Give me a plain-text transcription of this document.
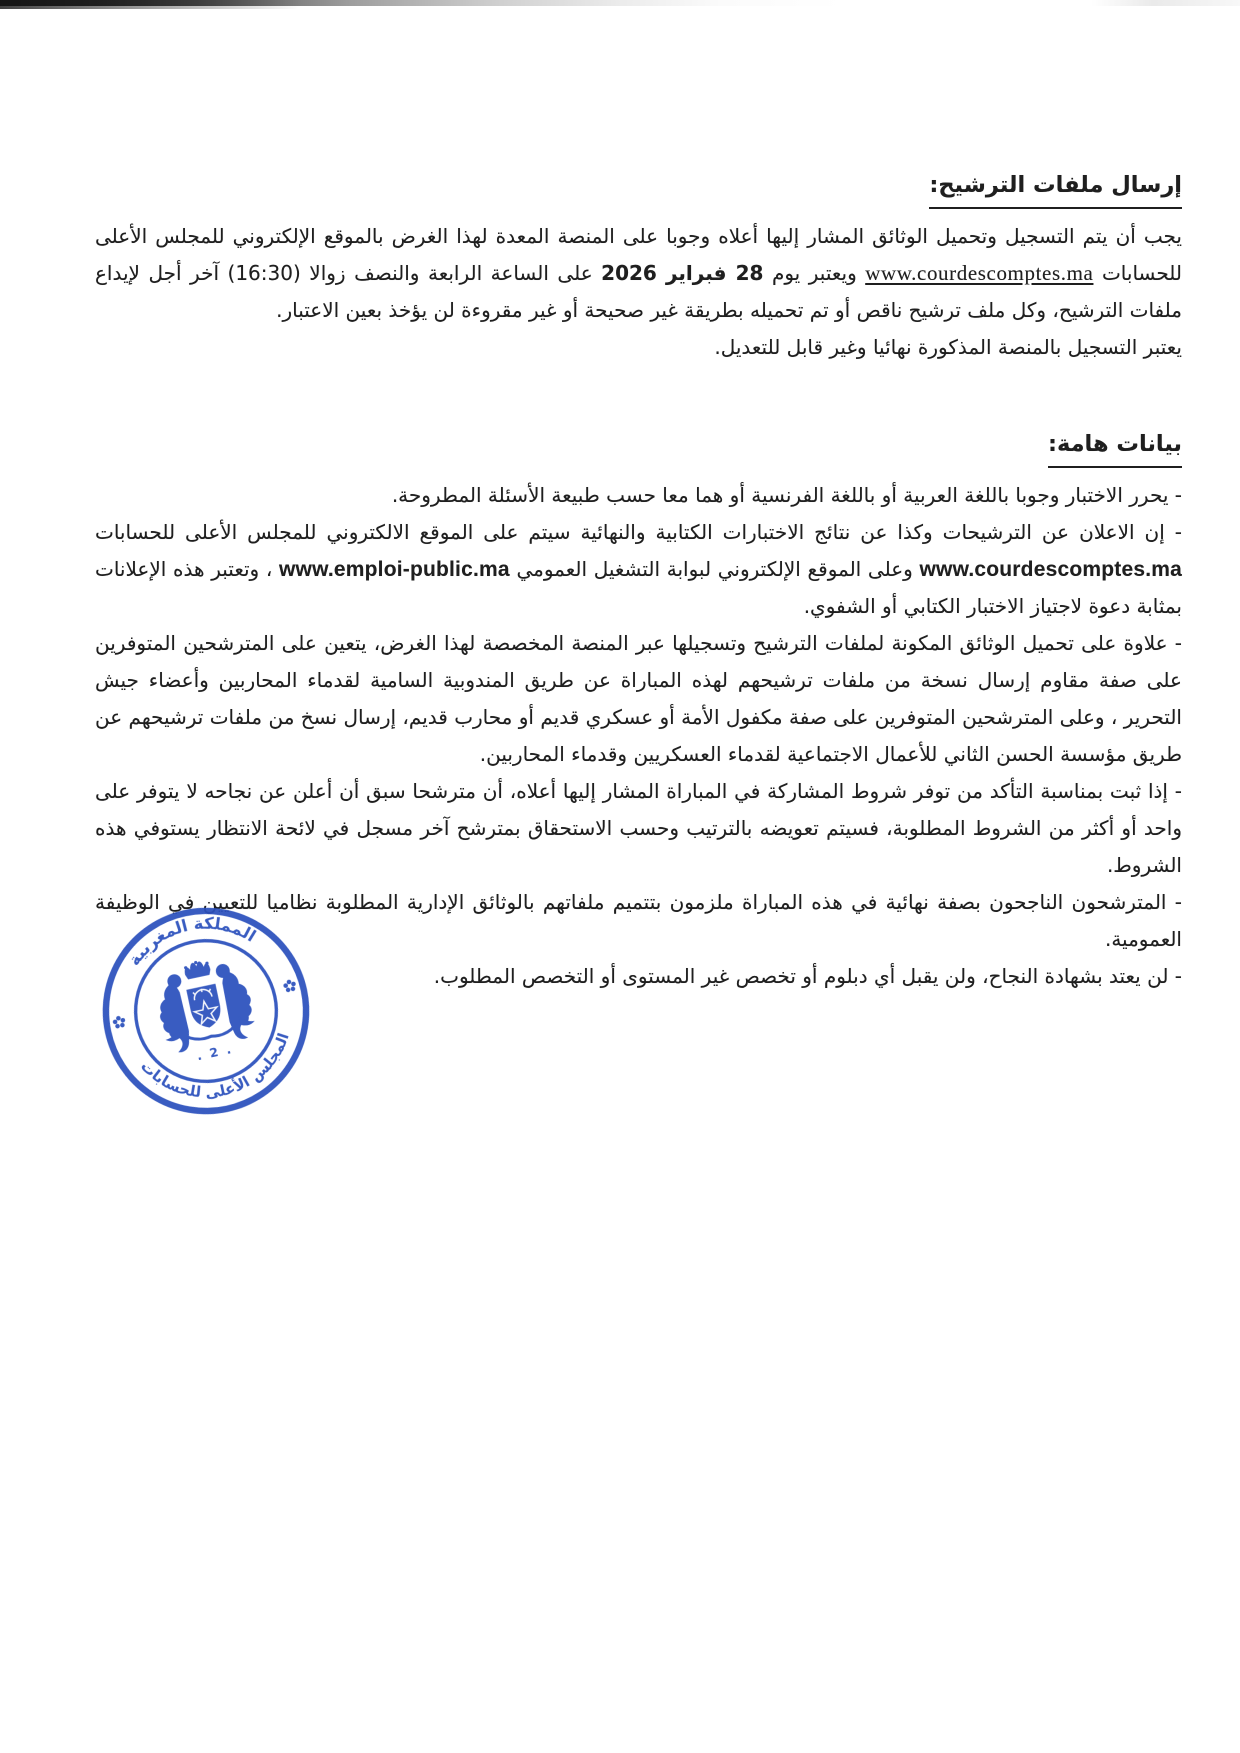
إرسال ملفات الترشيح:

يجب أن يتم التسجيل وتحميل الوثائق المشار إليها أعلاه وجوبا على المنصة المعدة لهذا الغرض بالموقع الإلكتروني للمجلس الأعلى للحسابات www.courdescomptes.ma ويعتبر يوم 28 فبراير 2026 على الساعة الرابعة والنصف زوالا (16:30) آخر أجل لإيداع ملفات الترشيح، وكل ملف ترشيح ناقص أو تم تحميله بطريقة غير صحيحة أو غير مقروءة لن يؤخذ بعين الاعتبار.

يعتبر التسجيل بالمنصة المذكورة نهائيا وغير قابل للتعديل.

بيانات هامة:

- يحرر الاختبار وجوبا باللغة العربية أو باللغة الفرنسية أو هما معا حسب طبيعة الأسئلة المطروحة.

- إن الاعلان عن الترشيحات وكذا عن نتائج الاختبارات الكتابية والنهائية سيتم على الموقع الالكتروني للمجلس الأعلى للحسابات www.courdescomptes.ma وعلى الموقع الإلكتروني لبوابة التشغيل العمومي www.emploi-public.ma ، وتعتبر هذه الإعلانات بمثابة دعوة لاجتياز الاختبار الكتابي أو الشفوي.

- علاوة على تحميل الوثائق المكونة لملفات الترشيح وتسجيلها عبر المنصة المخصصة لهذا الغرض، يتعين على المترشحين المتوفرين على صفة مقاوم إرسال نسخة من ملفات ترشيحهم لهذه المباراة عن طريق المندوبية السامية لقدماء المحاربين وأعضاء جيش التحرير ، وعلى المترشحين المتوفرين على صفة مكفول الأمة أو عسكري قديم أو محارب قديم، إرسال نسخ من ملفات ترشيحهم عن طريق مؤسسة الحسن الثاني للأعمال الاجتماعية لقدماء العسكريين وقدماء المحاربين.

- إذا ثبت بمناسبة التأكد من توفر شروط المشاركة في المباراة المشار إليها أعلاه، أن مترشحا سبق أن أعلن عن نجاحه لا يتوفر على واحد أو أكثر من الشروط المطلوبة، فسيتم تعويضه بالترتيب وحسب الاستحقاق بمترشح آخر مسجل في لائحة الانتظار يستوفي هذه الشروط.

- المترشحون الناجحون بصفة نهائية في هذه المباراة ملزمون بتتميم ملفاتهم بالوثائق الإدارية المطلوبة نظاميا للتعيين في الوظيفة العمومية.

- لن يعتد بشهادة النجاح، ولن يقبل أي دبلوم أو تخصص غير المستوى أو التخصص المطلوب.

المملكة المغربية
المجلس الأعلى للحسابات
. 2 .
